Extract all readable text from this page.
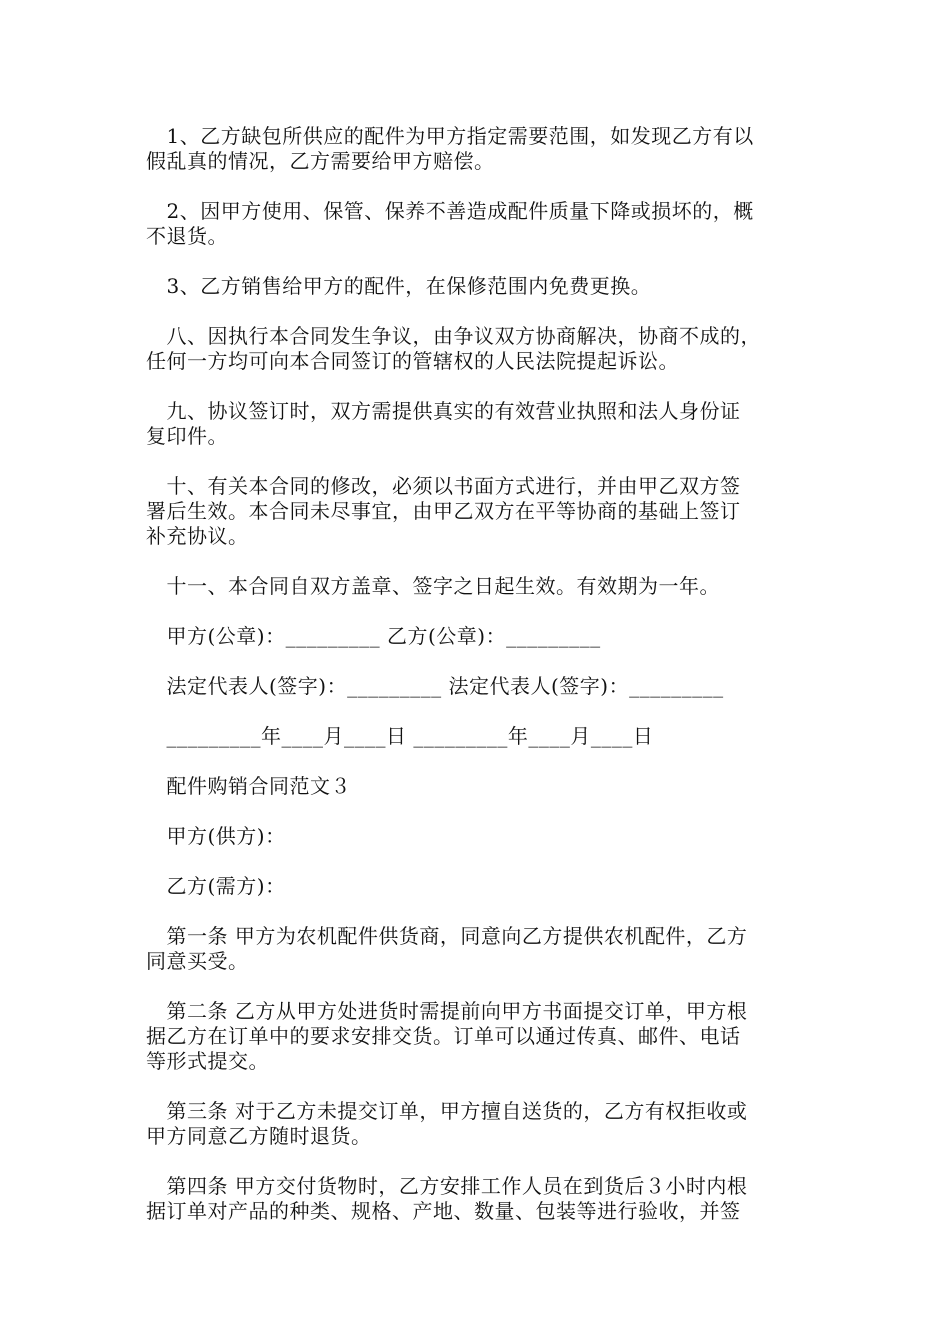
　1、乙方缺包所供应的配件为甲方指定需要范围，如发现乙方有以
假乱真的情况，乙方需要给甲方赔偿。
　2、因甲方使用、保管、保养不善造成配件质量下降或损坏的，概
不退货。
　3、乙方销售给甲方的配件，在保修范围内免费更换。
　八、因执行本合同发生争议，由争议双方协商解决，协商不成的，
任何一方均可向本合同签订的管辖权的人民法院提起诉讼。
　九、协议签订时，双方需提供真实的有效营业执照和法人身份证
复印件。
　十、有关本合同的修改，必须以书面方式进行，并由甲乙双方签
署后生效。本合同未尽事宜，由甲乙双方在平等协商的基础上签订
补充协议。
　十一、本合同自双方盖章、签字之日起生效。有效期为一年。
　甲方(公章)：_________ 乙方(公章)：_________
　法定代表人(签字)：_________ 法定代表人(签字)：_________
　_________年____月____日 _________年____月____日
　配件购销合同范文３
　甲方(供方)：
　乙方(需方)：
　第一条 甲方为农机配件供货商，同意向乙方提供农机配件，乙方
同意买受。
　第二条 乙方从甲方处进货时需提前向甲方书面提交订单，甲方根
据乙方在订单中的要求安排交货。订单可以通过传真、邮件、电话
等形式提交。
　第三条 对于乙方未提交订单，甲方擅自送货的，乙方有权拒收或
甲方同意乙方随时退货。
　第四条 甲方交付货物时，乙方安排工作人员在到货后３小时内根
据订单对产品的种类、规格、产地、数量、包装等进行验收，并签
